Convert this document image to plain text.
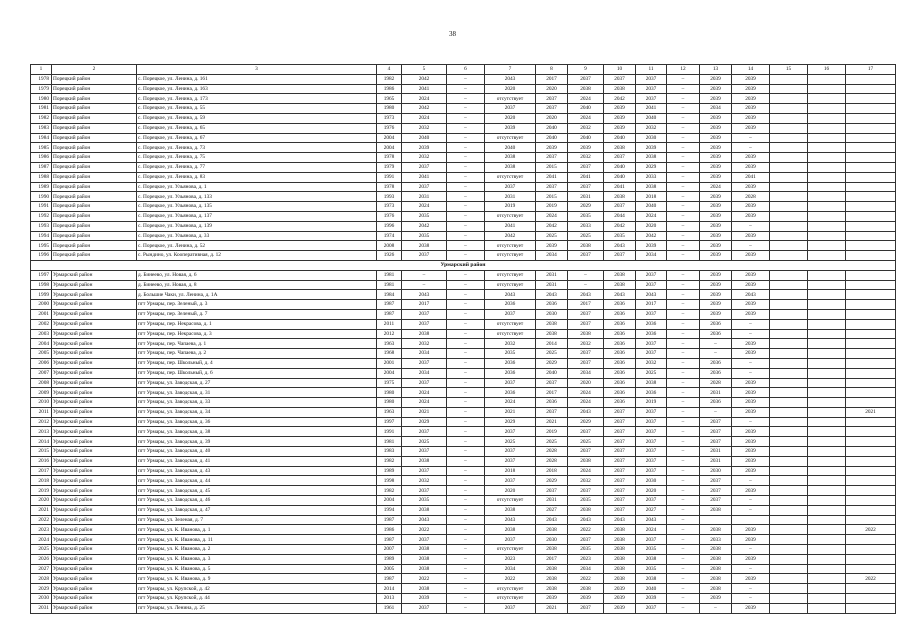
38
1	2	3	4	5	6	7	8	9	10	11	12	13	14	15	16	17
1978	Порецкий район	с. Порецкое, ул. Ленина, д. 161	1982	2042	–	2043	2017	2037	2037	2037	–	2039	2039			
1979	Порецкий район	с. Порецкое, ул. Ленина, д. 163	1986	2041	–	2020	2020	2038	2038	2037	–	2039	2039			
1980	Порецкий район	с. Порецкое, ул. Ленина, д. 173	1965	2024	–	отсутствует	2037	2024	2042	2037	–	2039	2039			
1981	Порецкий район	с. Порецкое, ул. Ленина, д. 55	1980	2042	–	2037	2037	2040	2039	2041	–	2034	2039			
1982	Порецкий район	с. Порецкое, ул. Ленина, д. 59	1973	2024	–	2020	2020	2024	2039	2040	–	2039	2039			
1983	Порецкий район	с. Порецкое, ул. Ленина, д. 65	1976	2032	–	2039	2040	2032	2039	2032	–	2039	2039			
1984	Порецкий район	с. Порецкое, ул. Ленина, д. 67	2004	2040	–	отсутствует	2040	2040	2040	2030	–	2039	–			
1985	Порецкий район	с. Порецкое, ул. Ленина, д. 73	2004	2039	–	2040	2039	2039	2038	2039	–	2039	–			
1986	Порецкий район	с. Порецкое, ул. Ленина, д. 75	1978	2032	–	2038	2037	2032	2037	2038	–	2039	2039			
1987	Порецкий район	с. Порецкое, ул. Ленина, д. 77	1979	2037	–	2038	2015	2037	2040	2029	–	2039	2039			
1988	Порецкий район	с. Порецкое, ул. Ленина, д. 83	1991	2041	–	отсутствует	2041	2041	2040	2033	–	2039	2041			
1989	Порецкий район	с. Порецкое, ул. Ульянова, д. 1	1978	2037	–	2037	2037	2037	2041	2038	–	2024	2039			
1990	Порецкий район	с. Порецкое, ул. Ульянова, д. 133	1993	2031	–	2031	2015	2031	2038	2018	–	2039	2028			
1991	Порецкий район	с. Порецкое, ул. Ульянова, д. 135	1973	2024	–	2019	2019	2029	2037	2040	–	2039	2039			
1992	Порецкий район	с. Порецкое, ул. Ульянова, д. 137	1976	2035	–	отсутствует	2024	2035	2044	2024	–	2039	2039			
1993	Порецкий район	с. Порецкое, ул. Ульянова, д. 139	1996	2042	–	2041	2042	2033	2042	2020	–	2039	–			
1994	Порецкий район	с. Порецкое, ул. Ульянова, д. 33	1974	2035	–	2042	2025	2025	2035	2042	–	2039	2039			
1995	Порецкий район	с. Порецкое, ул. Ленина, д. 52	2008	2038	–	отсутствует	2039	2038	2043	2039	–	2039	–			
1996	Порецкий район	с. Рындино, ул. Кооперативная, д. 12	1926	2037	–	отсутствует	2034	2037	2037	2034	–	2039	2039			
Урмарский район																
1997	Урмарский район	д. Бинеево, ул. Новая, д. 6	1981	–	–	отсутствует	2031	–	2038	2037	–	2039	2039			
1998	Урмарский район	д. Бинеево, ул. Новая, д. 8	1981	–	–	отсутствует	2031	–	2038	2037	–	2039	2039			
1999	Урмарский район	д. Большие Чаки, ул. Ленина, д. 1А	1984	2043	–	2043	2043	2043	2043	2043	–	2039	2043			
2000	Урмарский район	пгт Урмары, пер. Зеленый, д. 3	1987	2017	–	2036	2036	2017	2036	2017	–	2039	2039			
2001	Урмарский район	пгт Урмары, пер. Зеленый, д. 7	1987	2037	–	2037	2030	2037	2036	2037	–	2039	2039			
2002	Урмарский район	пгт Урмары, пер. Некрасова, д. 1	2011	2037	–	отсутствует	2038	2037	2036	2036	–	2036	–			
2003	Урмарский район	пгт Урмары, пер. Некрасова, д. 3	2012	2038	–	отсутствует	2038	2038	2036	2036	–	2036	–			
2004	Урмарский район	пгт Урмары, пер. Чапаева, д. 1	1963	2032	–	2032	2014	2032	2036	2037	–	–	2039			
2005	Урмарский район	пгт Урмары, пер. Чапаева, д. 2	1968	2034	–	2035	2025	2037	2036	2037	–	–	2039			
2006	Урмарский район	пгт Урмары, пер. Школьный, д. 4	2001	2037	–	2036	2029	2037	2036	2032	–	2036	–			
2007	Урмарский район	пгт Урмары, пер. Школьный, д. 6	2004	2034	–	2036	2040	2034	2036	2025	–	2036	–			
2008	Урмарский район	пгт Урмары, ул. Заводская, д. 27	1975	2037	–	2037	2037	2020	2036	2038	–	2028	2039			
2009	Урмарский район	пгт Урмары, ул. Заводская, д. 31	1980	2024	–	2036	2017	2024	2036	2036	–	2031	2039			
2010	Урмарский район	пгт Урмары, ул. Заводская, д. 33	1980	2024	–	2024	2036	2024	2036	2019	–	2036	2039			
2011	Урмарский район	пгт Урмары, ул. Заводская, д. 34	1963	2021	–	2021	2037	2043	2037	2037	–	–	2039			2021
2012	Урмарский район	пгт Урмары, ул. Заводская, д. 36	1997	2029	–	2029	2021	2029	2037	2037	–	2037	–			
2013	Урмарский район	пгт Урмары, ул. Заводская, д. 38	1991	2037	–	2037	2019	2037	2037	2037	–	2037	2039			
2014	Урмарский район	пгт Урмары, ул. Заводская, д. 39	1981	2025	–	2025	2025	2025	2037	2037	–	2037	2039			
2015	Урмарский район	пгт Урмары, ул. Заводская, д. 40	1983	2037	–	2037	2028	2037	2037	2037	–	2031	2039			
2016	Урмарский район	пгт Урмары, ул. Заводская, д. 41	1982	2038	–	2037	2028	2038	2037	2037	–	2031	2039			
2017	Урмарский район	пгт Урмары, ул. Заводская, д. 43	1989	2037	–	2018	2018	2024	2037	2037	–	2030	2039			
2018	Урмарский район	пгт Урмары, ул. Заводская, д. 44	1998	2032	–	2037	2029	2032	2037	2030	–	2037	–			
2019	Урмарский район	пгт Урмары, ул. Заводская, д. 45	1982	2037	–	2020	2037	2037	2037	2020	–	2037	2039			
2020	Урмарский район	пгт Урмары, ул. Заводская, д. 46	2004	2035	–	отсутствует	2031	2035	2037	2037	–	2037	–			
2021	Урмарский район	пгт Урмары, ул. Заводская, д. 47	1994	2038	–	2038	2027	2038	2037	2027	–	2038	–			
2022	Урмарский район	пгт Урмары, ул. Зеленая, д. 7	1987	2043	–	2043	2043	2043	2043	2043	–					
2023	Урмарский район	пгт Урмары, ул. К. Иванова, д. 1	1986	2022	–	2038	2038	2022	2038	2024	–	2038	2039			2022
2024	Урмарский район	пгт Урмары, ул. К. Иванова, д. 11	1987	2037	–	2037	2030	2037	2038	2037	–	2033	2039			
2025	Урмарский район	пгт Урмары, ул. К. Иванова, д. 2	2007	2038	–	отсутствует	2038	2035	2038	2035	–	2038	–			
2026	Урмарский район	пгт Урмары, ул. К. Иванова, д. 3	1989	2038	–	2023	2017	2023	2038	2038	–	2038	2039			
2027	Урмарский район	пгт Урмары, ул. К. Иванова, д. 5	2005	2038	–	2034	2038	2034	2038	2035	–	2038	–			
2028	Урмарский район	пгт Урмары, ул. К. Иванова, д. 9	1987	2022	–	2022	2038	2022	2038	2038	–	2038	2039			2022
2029	Урмарский район	пгт Урмары, ул. Крупской, д. 42	2014	2038	–	отсутствует	2038	2038	2039	2040	–	2038	–			
2030	Урмарский район	пгт Урмары, ул. Крупской, д. 44	2013	2039	–	отсутствует	2039	2039	2039	2039	–	2039	–			
2031	Урмарский район	пгт Урмары, ул. Ленина, д. 25	1961	2037	–	2037	2021	2037	2039	2037	–	–	2039			
